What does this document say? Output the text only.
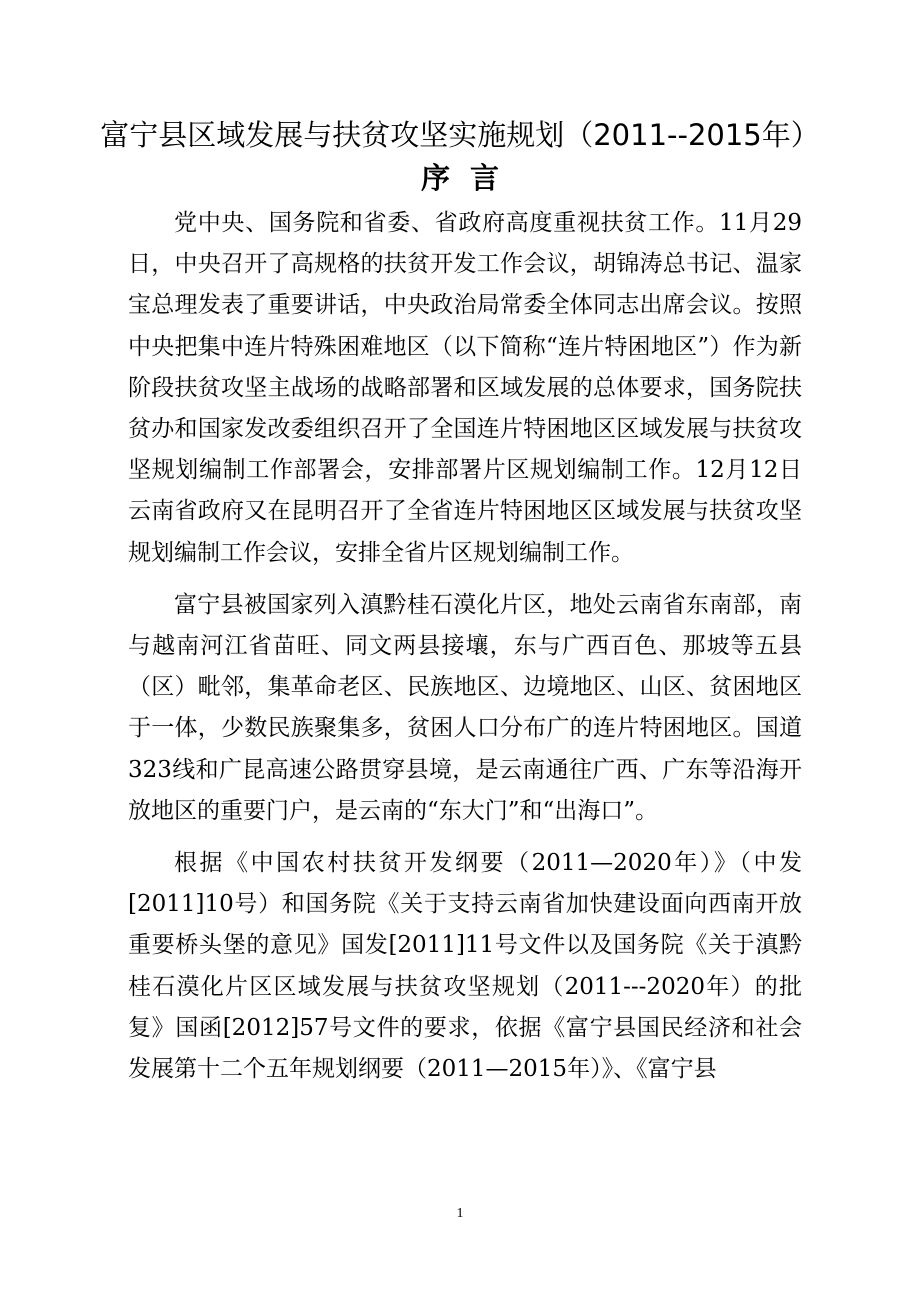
富宁县区域发展与扶贫攻坚实施规划（2011--2015年）
序言

党中央、国务院和省委、省政府高度重视扶贫工作。11月29日，中央召开了高规格的扶贫开发工作会议，胡锦涛总书记、温家宝总理发表了重要讲话，中央政治局常委全体同志出席会议。按照中央把集中连片特殊困难地区（以下简称“连片特困地区”）作为新阶段扶贫攻坚主战场的战略部署和区域发展的总体要求，国务院扶贫办和国家发改委组织召开了全国连片特困地区区域发展与扶贫攻坚规划编制工作部署会，安排部署片区规划编制工作。12月12日云南省政府又在昆明召开了全省连片特困地区区域发展与扶贫攻坚规划编制工作会议，安排全省片区规划编制工作。

富宁县被国家列入滇黔桂石漠化片区，地处云南省东南部，南与越南河江省苗旺、同文两县接壤，东与广西百色、那坡等五县（区）毗邻，集革命老区、民族地区、边境地区、山区、贫困地区于一体，少数民族聚集多，贫困人口分布广的连片特困地区。国道323线和广昆高速公路贯穿县境，是云南通往广西、广东等沿海开放地区的重要门户，是云南的“东大门”和“出海口”。

根据《中国农村扶贫开发纲要（2011—2020年）》（中发[2011]10号）和国务院《关于支持云南省加快建设面向西南开放重要桥头堡的意见》国发[2011]11号文件以及国务院《关于滇黔桂石漠化片区区域发展与扶贫攻坚规划（2011---2020年）的批复》国函[2012]57号文件的要求，依据《富宁县国民经济和社会发展第十二个五年规划纲要（2011—2015年）》、《富宁县

1
